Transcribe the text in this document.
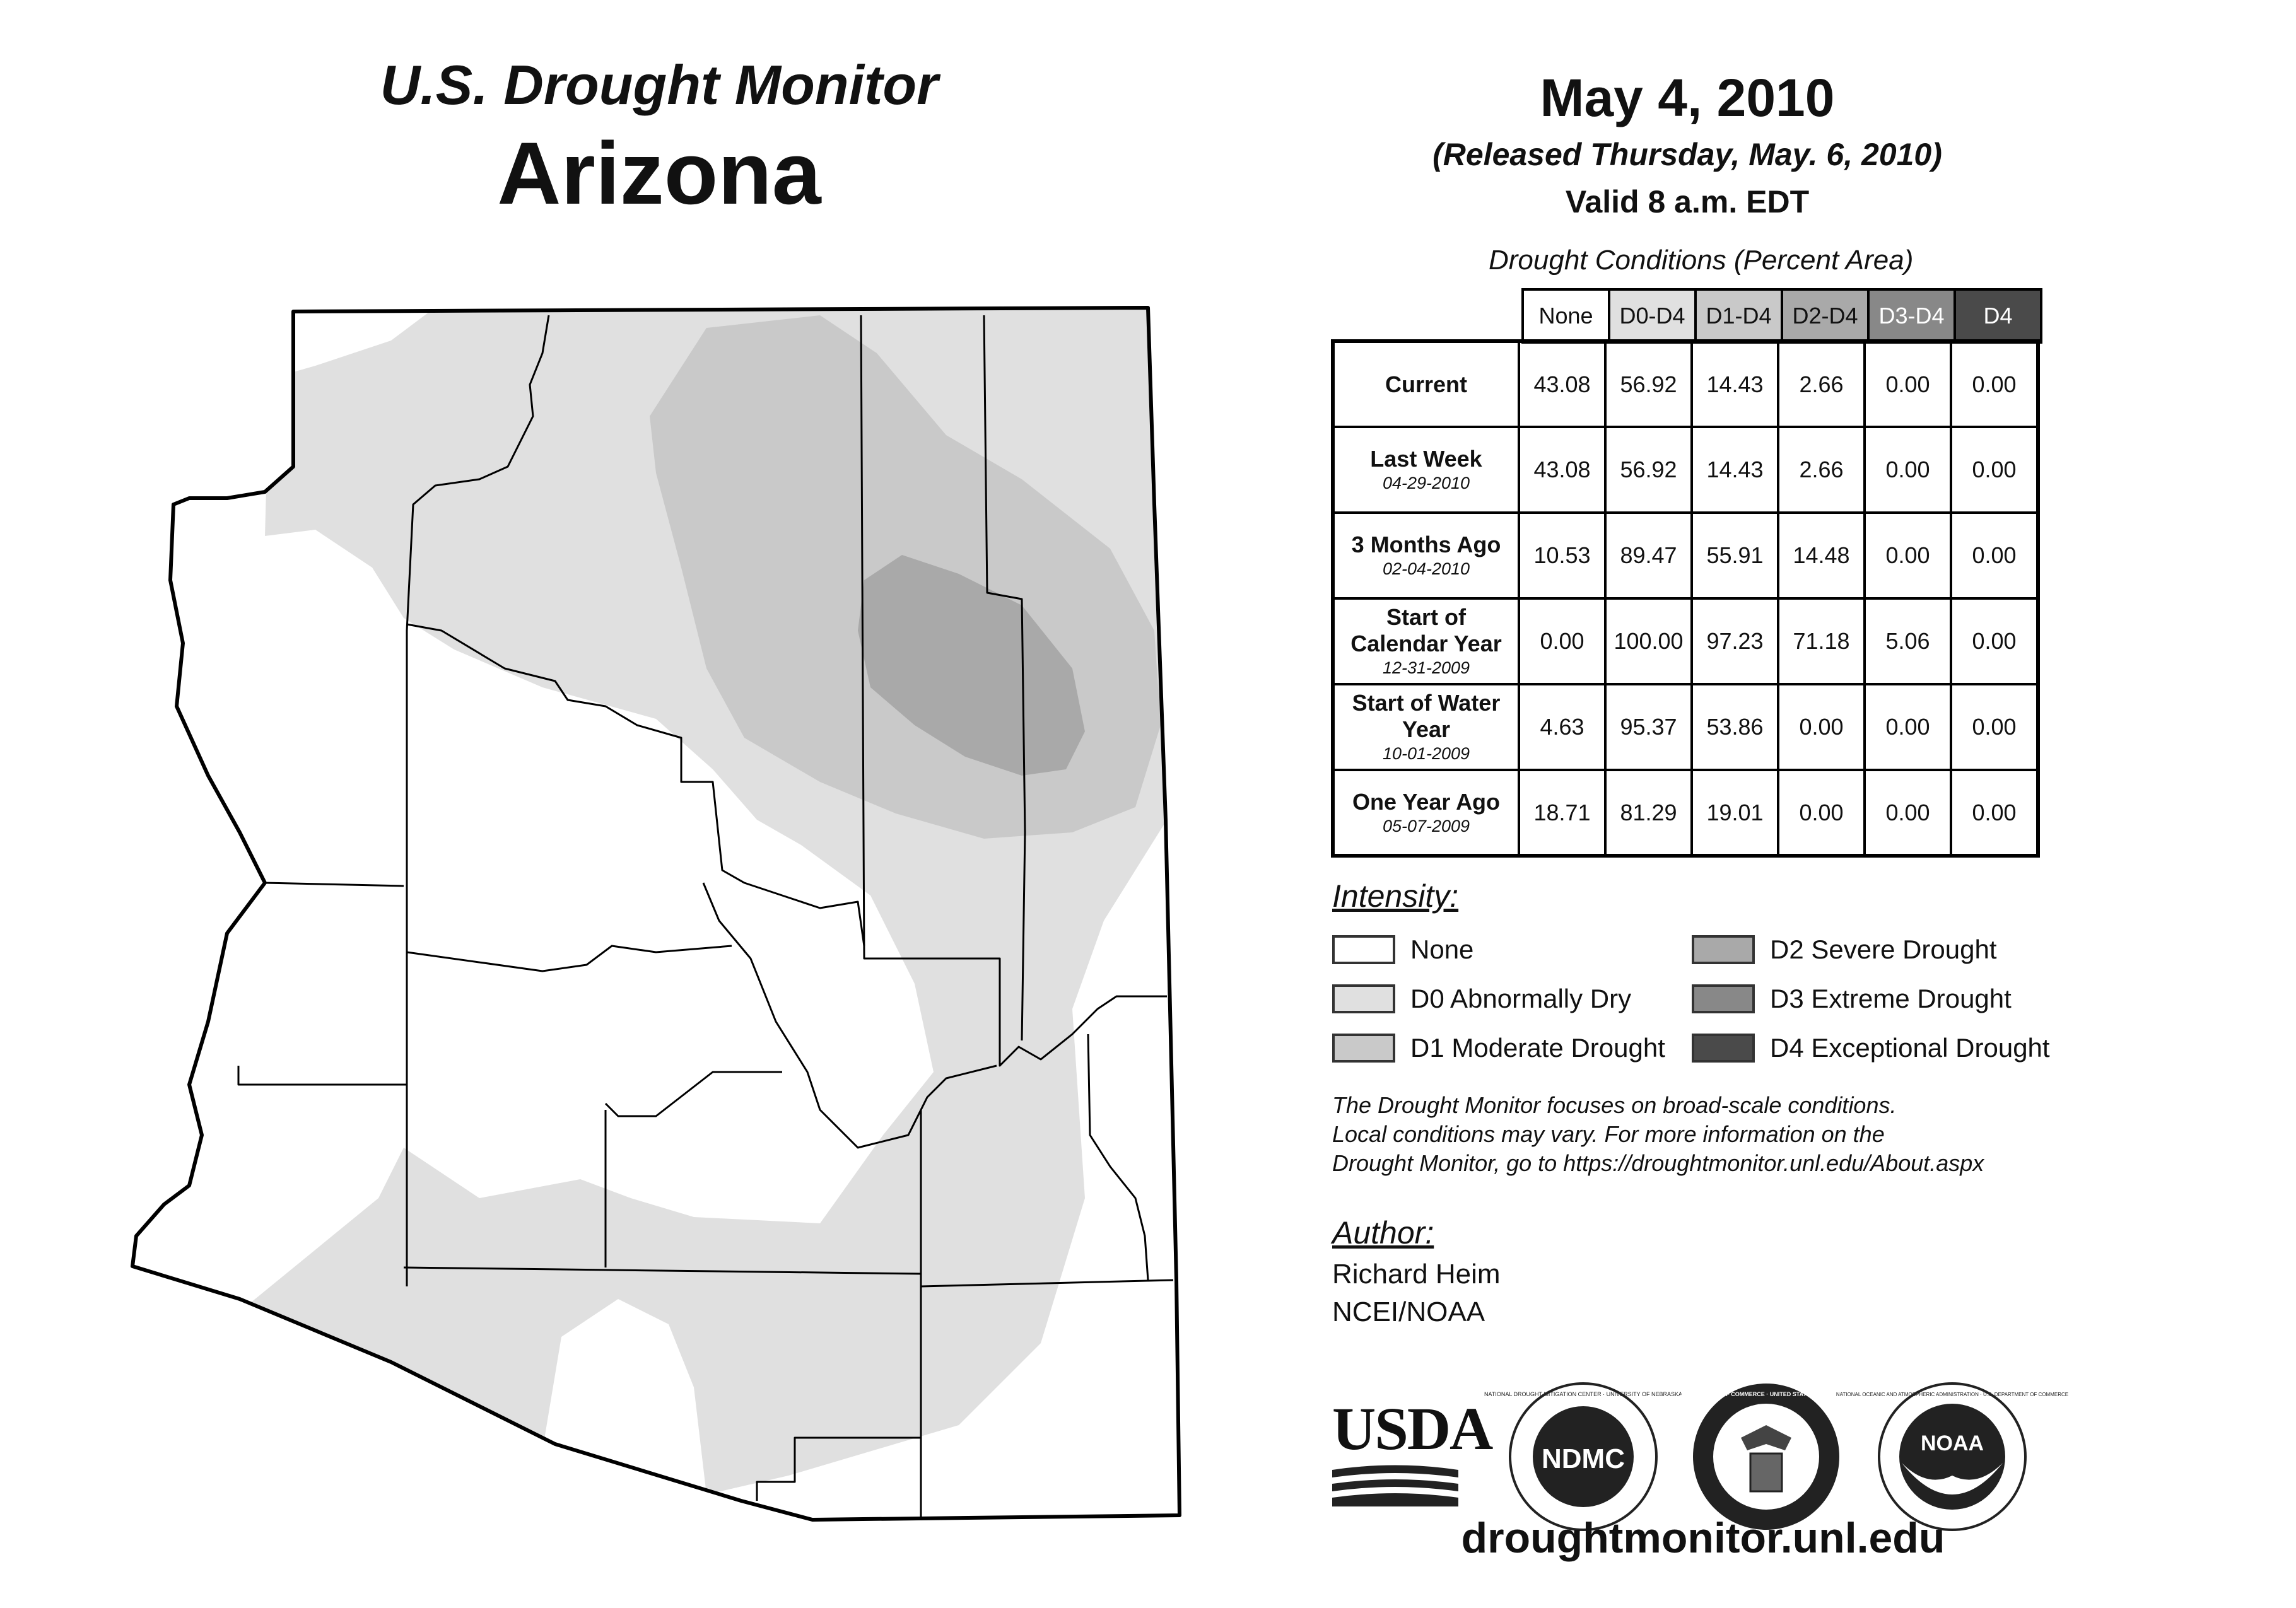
U.S. Drought Monitor
Arizona
May 4, 2010
(Released Thursday, May. 6, 2010)
Valid 8 a.m. EDT
Drought Conditions (Percent Area)
None	D0-D4	D1-D4	D2-D4	D3-D4	D4
Current	43.08	56.92	14.43	2.66	0.00	0.00

Last Week
04-29-2010	43.08	56.92	14.43	2.66	0.00	0.00

3 Months Ago
02-04-2010	10.53	89.47	55.91	14.48	0.00	0.00

Start of Calendar Year
12-31-2009	0.00	100.00	97.23	71.18	5.06	0.00

Start of Water Year
10-01-2009	4.63	95.37	53.86	0.00	0.00	0.00

One Year Ago
05-07-2009	18.71	81.29	19.01	0.00	0.00	0.00
Intensity:
None
D0 Abnormally Dry
D1 Moderate Drought
D2 Severe Drought
D3 Extreme Drought
D4 Exceptional Drought
The Drought Monitor focuses on broad-scale conditions.
Local conditions may vary. For more information on the
Drought Monitor, go to https://droughtmonitor.unl.edu/About.aspx
Author:
Richard Heim
NCEI/NOAA
USDA NDMC
NATIONAL DROUGHT MITIGATION CENTER · UNIVERSITY OF NEBRASKA
DEPARTMENT OF COMMERCE · UNITED STATES OF AMERICA
NOAA
NATIONAL OCEANIC AND ATMOSPHERIC ADMINISTRATION · U.S. DEPARTMENT OF COMMERCE
droughtmonitor.unl.edu
